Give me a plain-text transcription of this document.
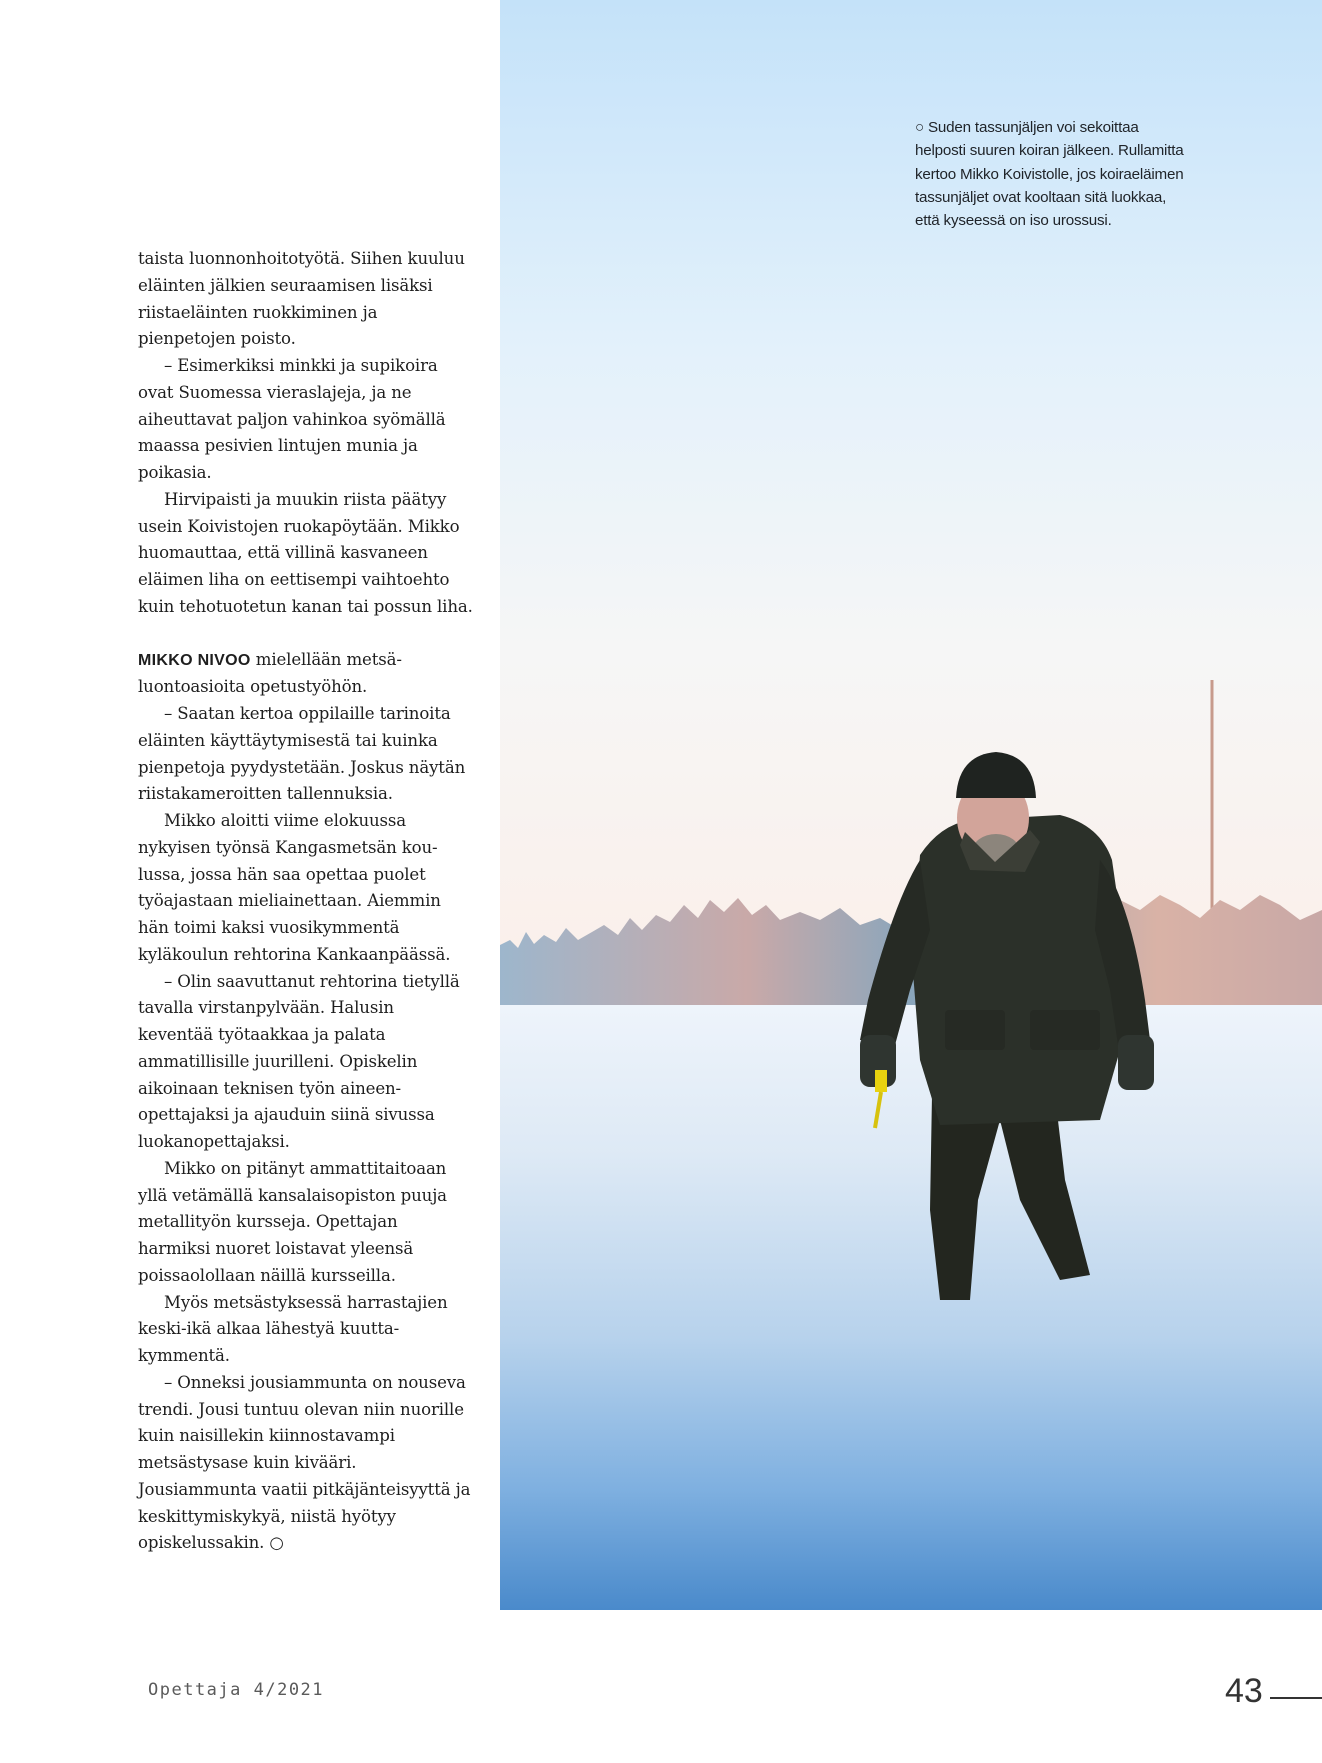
taista luonnonhoitotyötä. Siihen kuuluu eläinten jälkien seuraamisen lisäksi riistaeläinten ruokkiminen ja pienpetojen poisto.

– Esimerkiksi minkki ja supikoira ovat Suomessa vieraslajeja, ja ne aiheuttavat paljon vahinkoa syömällä maassa pesivien lintujen munia ja poikasia.

Hirvipaisti ja muukin riista päätyy usein Koivistojen ruokapöytään. Mikko huomauttaa, että villinä kasvaneen eläimen liha on eettisempi vaihtoehto kuin tehotuotetun kanan tai possun liha.

MIKKO NIVOO mielellään metsäluontoasioita opetustyöhön.

– Saatan kertoa oppilaille tarinoita eläinten käyttäytymisestä tai kuinka pienpetoja pyydystetään. Joskus näytän riistakameroitten tallennuksia.

Mikko aloitti viime elokuussa nykyisen työnsä Kangasmetsän koulussa, jossa hän saa opettaa puolet työajastaan mieliainettaan. Aiemmin hän toimi kaksi vuosikymmentä kyläkoulun rehtorina Kankaanpäässä.

– Olin saavuttanut rehtorina tietyllä tavalla virstanpylvään. Halusin keventää työtaakkaa ja palata ammatillisille juurilleni. Opiskelin aikoinaan teknisen työn aineenopettajaksi ja ajauduin siinä sivussa luokanopettajaksi.

Mikko on pitänyt ammattitaitoaan yllä vetämällä kansalaisopiston puuja metallityön kursseja. Opettajan harmiksi nuoret loistavat yleensä poissaolollaan näillä kursseilla.

Myös metsästyksessä harrastajien keski-ikä alkaa lähestyä kuuttakymmentä.

– Onneksi jousiammunta on nouseva trendi. Jousi tuntuu olevan niin nuorille kuin naisillekin kiinnostavampi metsästysase kuin kivääri. Jousiammunta vaatii pitkäjänteisyyttä ja keskittymiskykyä, niistä hyötyy opiskelussakin. ○

○ Suden tassunjäljen voi sekoittaa helposti suuren koiran jälkeen. Rullamitta kertoo Mikko Koivistolle, jos koiraeläimen tassunjäljet ovat kooltaan sitä luokkaa, että kyseessä on iso urossusi.
Opettaja 4/2021	43
